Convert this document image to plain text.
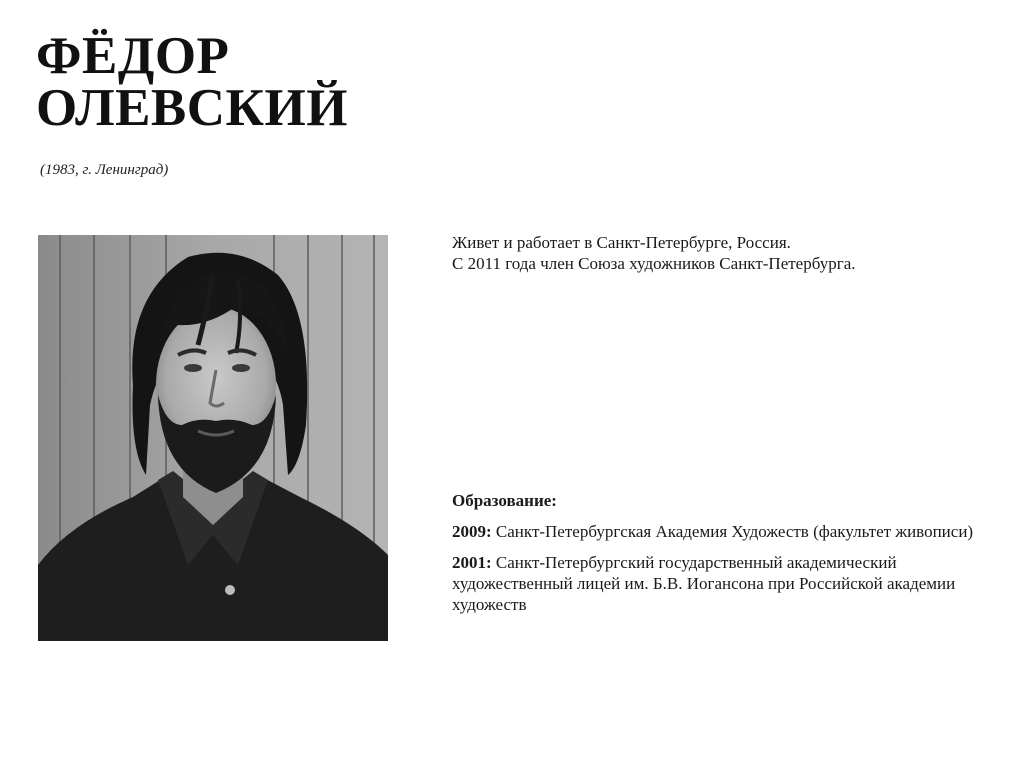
ФЁДОР
ОЛЕВСКИЙ
(1983, г. Ленинград)

Живет и работает в Санкт-Петербурге, Россия.

С 2011 года член Союза художников Санкт-Петербурга.

Образование:

2009: Санкт-Петербургская Академия Художеств (факультет живописи)

2001: Санкт-Петербургский государственный академический художественный лицей им. Б.В. Иогансона при Российской академии художеств
